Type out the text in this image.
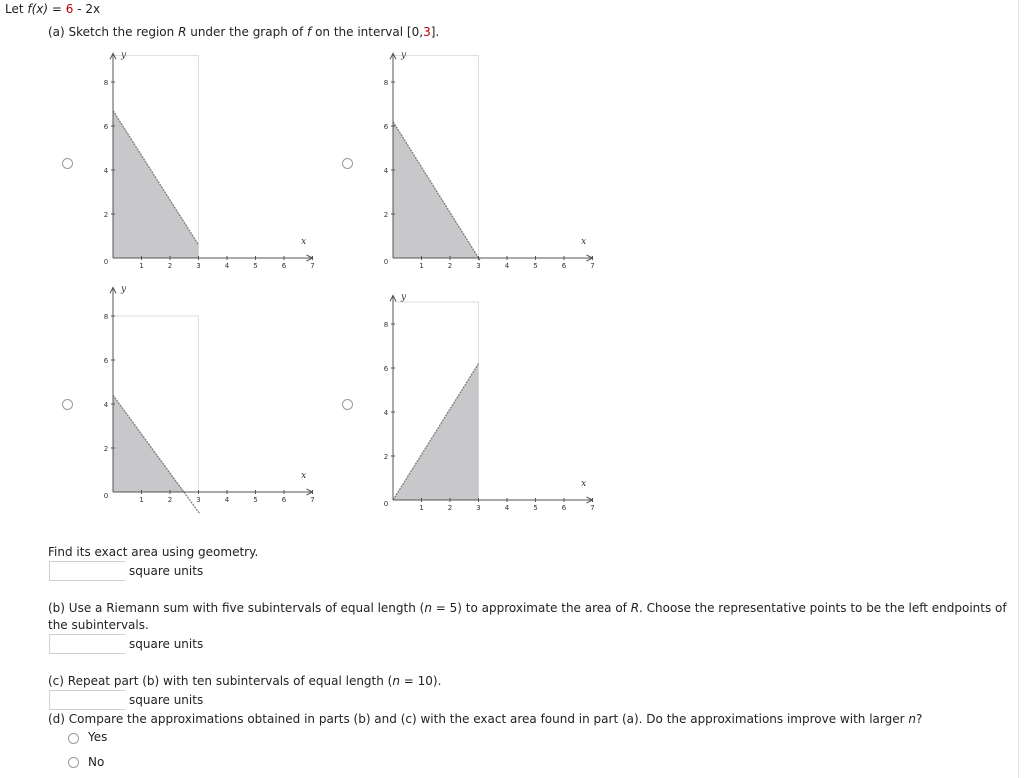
Let f(x) = 6 - 2x
(a) Sketch the region R under the graph of f on the interval [0,3].
y
x
0
2
4
6
8
1	2	3	4	5	6	7
y
x
0
2
4
6
8
1	2	3	4	5	6	7
y
x
0
2
4
6
8
1	2	3	4	5	6	7
y
x
0
2
4
6
8
1	2	3	4	5	6	7
Find its exact area using geometry.
square units
(b) Use a Riemann sum with five subintervals of equal length (n = 5) to approximate the area of R. Choose the representative points to be the left endpoints of the subintervals.
square units
(c) Repeat part (b) with ten subintervals of equal length (n = 10).
square units
(d) Compare the approximations obtained in parts (b) and (c) with the exact area found in part (a). Do the approximations improve with larger n?
Yes
No
